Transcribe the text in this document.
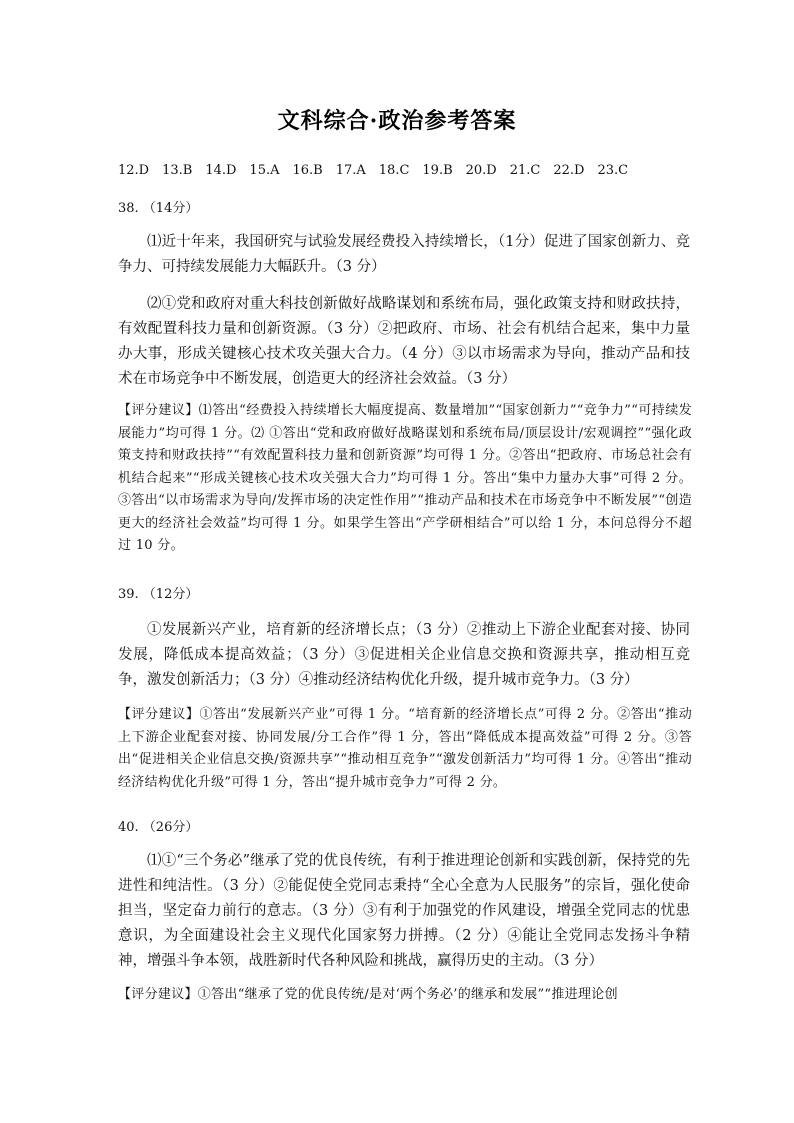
文科综合·政治参考答案
12.D　13.B　14.D　15.A　16.B　17.A　18.C　19.B　20.D　21.C　22.D　23.C
38. （14分）
⑴近十年来，我国研究与试验发展经费投入持续增长，（1分）促进了国家创新力、竞争力、可持续发展能力大幅跃升。（3 分）
⑵①党和政府对重大科技创新做好战略谋划和系统布局，强化政策支持和财政扶持，有效配置科技力量和创新资源。（3 分）②把政府、市场、社会有机结合起来，集中力量办大事，形成关键核心技术攻关强大合力。（4 分）③以市场需求为导向，推动产品和技术在市场竞争中不断发展，创造更大的经济社会效益。（3 分）
【评分建议】⑴答出“经费投入持续增长大幅度提高、数量增加”“国家创新力”“竞争力”“可持续发展能力”均可得 1 分。⑵ ①答出“党和政府做好战略谋划和系统布局/顶层设计/宏观调控”“强化政策支持和财政扶持”“有效配置科技力量和创新资源”均可得 1 分。②答出“把政府、市场总社会有机结合起来”“形成关键核心技术攻关强大合力”均可得 1 分。答出“集中力量办大事”可得 2 分。③答出“以市场需求为导向/发挥市场的决定性作用”“推动产品和技术在市场竞争中不断发展”“创造更大的经济社会效益”均可得 1 分。如果学生答出“产学研相结合”可以给 1 分，本问总得分不超过 10 分。
39. （12分）
①发展新兴产业，培育新的经济增长点；（3 分）②推动上下游企业配套对接、协同发展，降低成本提高效益；（3 分）③促进相关企业信息交换和资源共享，推动相互竞争，激发创新活力；（3 分）④推动经济结构优化升级，提升城市竞争力。（3 分）
【评分建议】①答出“发展新兴产业”可得 1 分。“培育新的经济增长点”可得 2 分。②答出“推动上下游企业配套对接、协同发展/分工合作”得 1 分，答出“降低成本提高效益”可得 2 分。③答出“促进相关企业信息交换/资源共享”“推动相互竞争”“激发创新活力”均可得 1 分。④答出“推动经济结构优化升级”可得 1 分，答出“提升城市竞争力”可得 2 分。
40. （26分）
⑴①“三个务必”继承了党的优良传统，有利于推进理论创新和实践创新，保持党的先进性和纯洁性。（3 分）②能促使全党同志秉持“全心全意为人民服务”的宗旨，强化使命担当，坚定奋力前行的意志。（3 分）③有利于加强党的作风建设，增强全党同志的忧患意识，为全面建设社会主义现代化国家努力拼搏。（2 分）④能让全党同志发扬斗争精神，增强斗争本领，战胜新时代各种风险和挑战，赢得历史的主动。（3 分）
【评分建议】①答出“继承了党的优良传统/是对‘两个务必’的继承和发展”“推进理论创
